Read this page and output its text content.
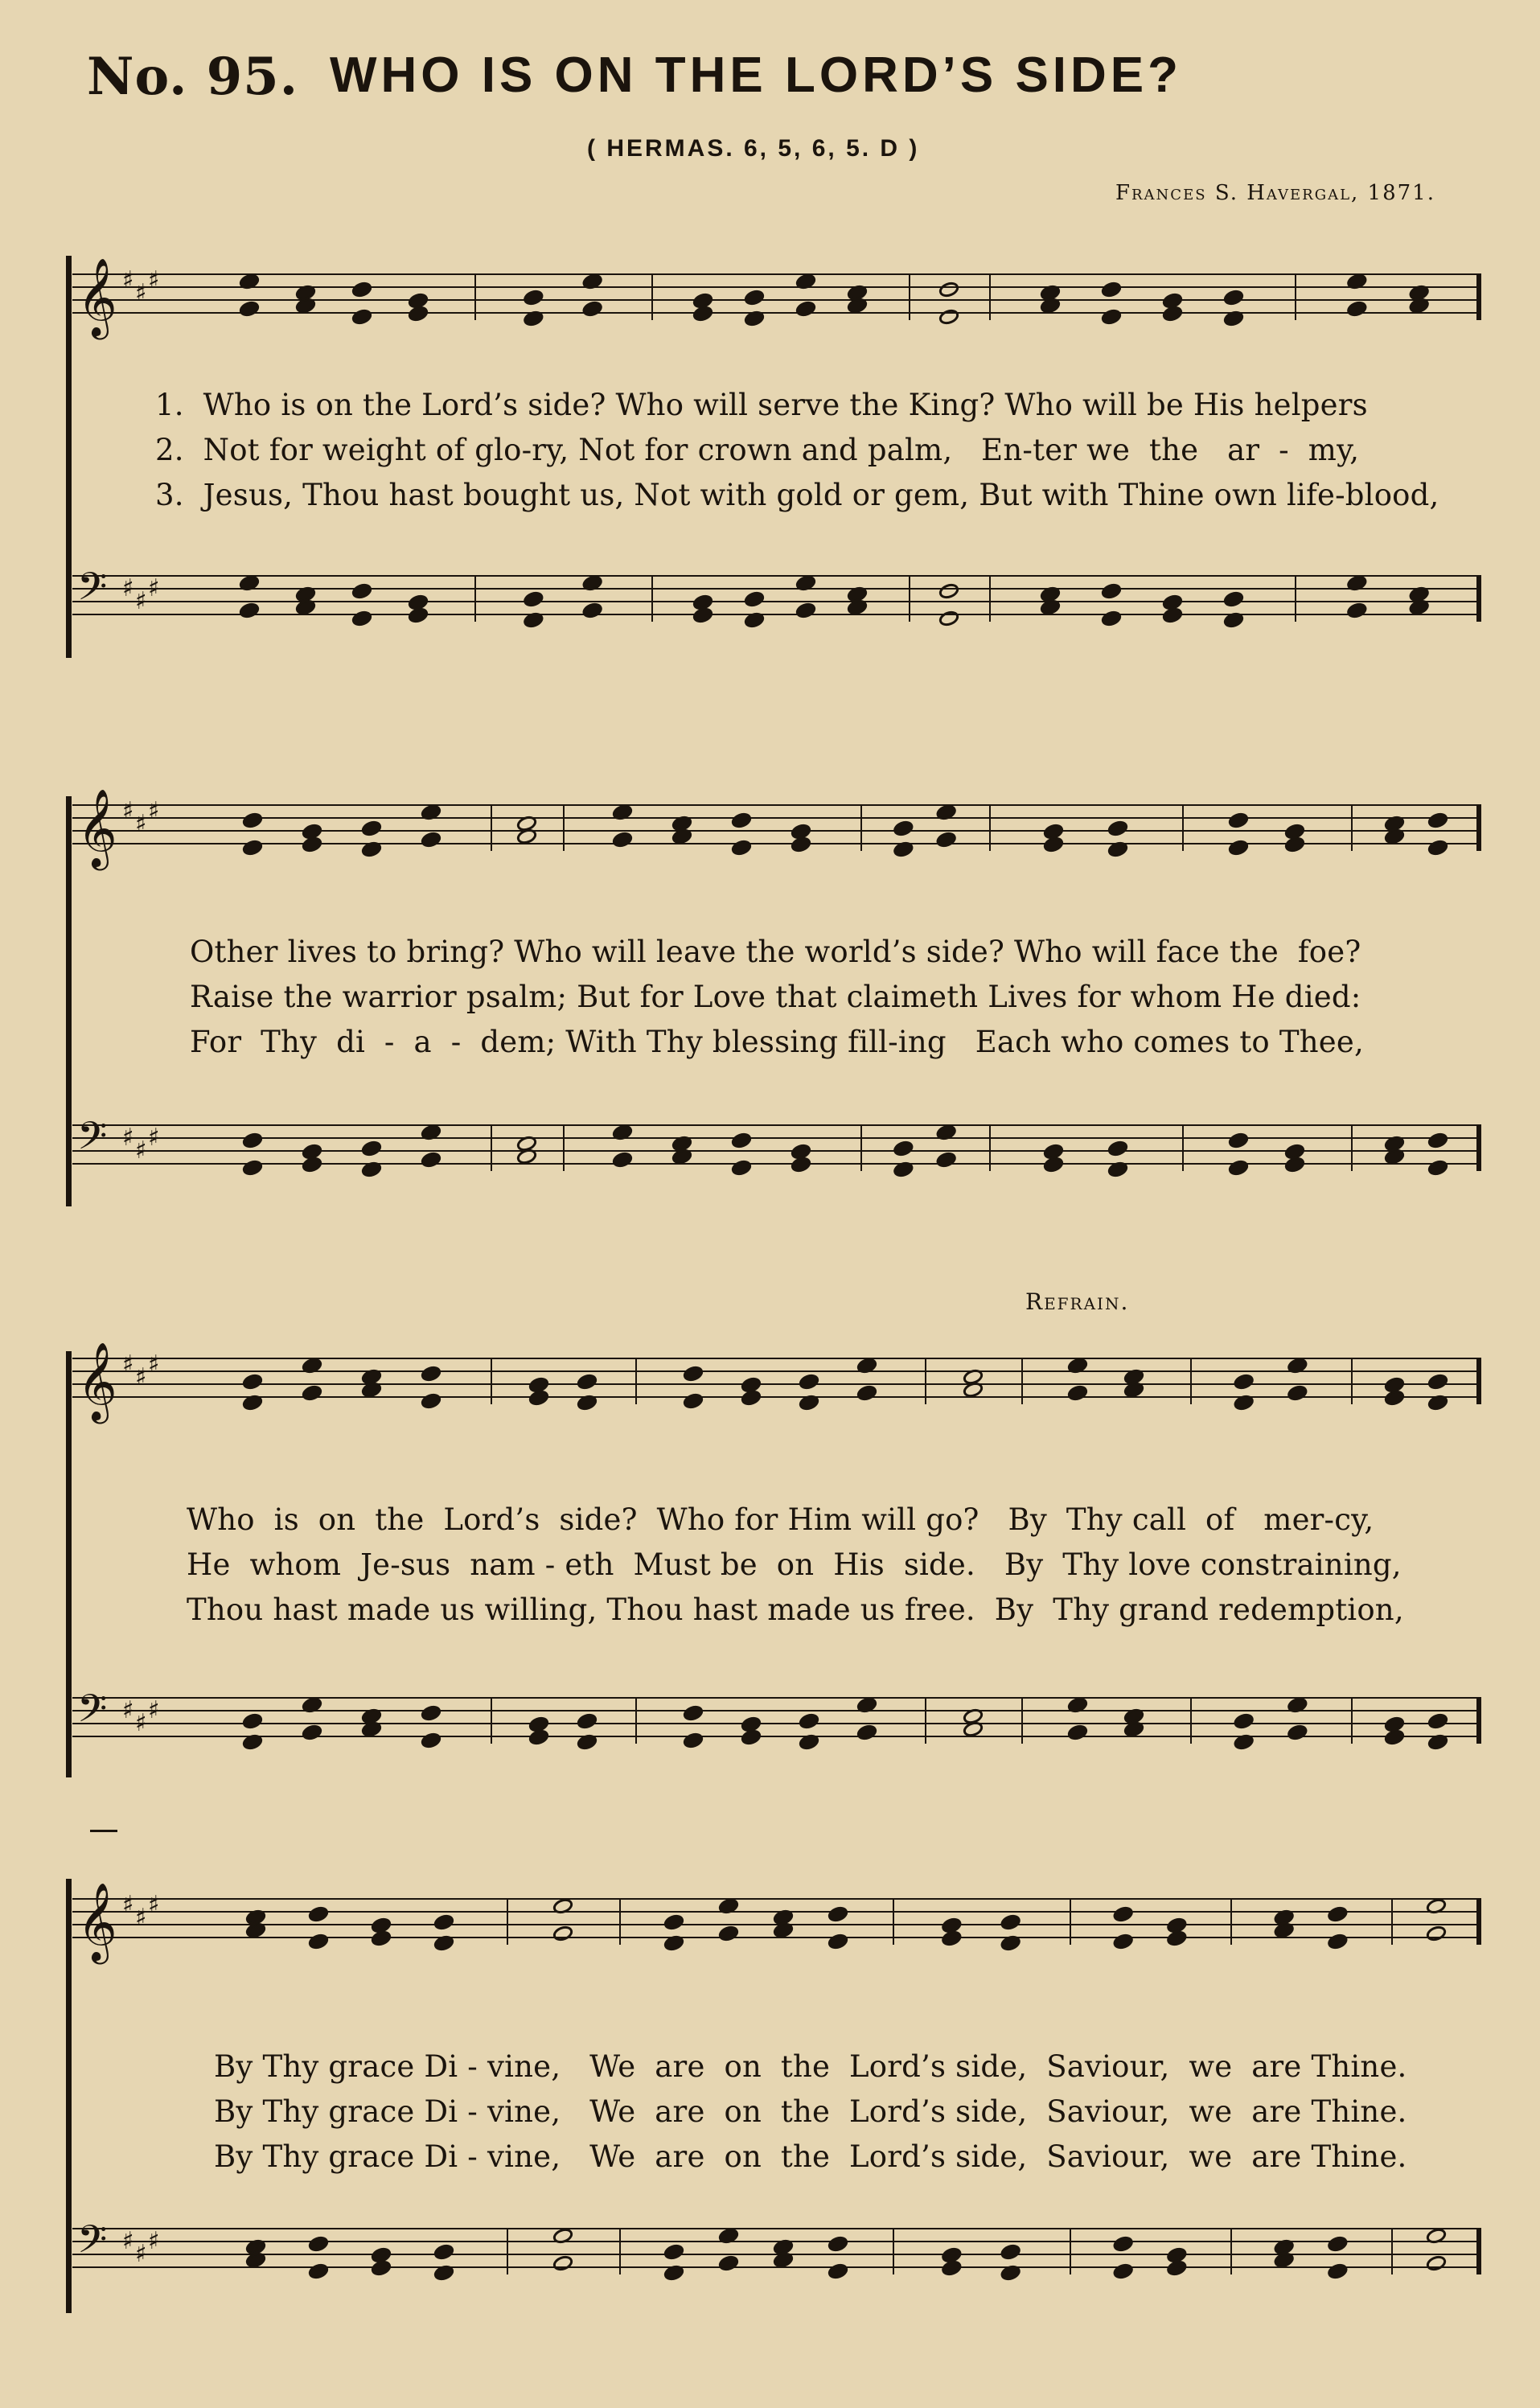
No. 95. WHO IS ON THE LORD’S SIDE?
( HERMAS. 6, 5, 6, 5. D )
Frances S. Havergal, 1871.
𝄞 ♯ ♯ ♯
1.  Who is on the Lord’s side? Who will serve the King? Who will be His helpers
2.  Not for weight of glo-ry, Not for crown and palm,   En-ter we  the   ar  -  my,
3.  Jesus, Thou hast bought us, Not with gold or gem, But with Thine own life-blood,
𝄢 ♯ ♯ ♯
𝄞 ♯ ♯ ♯
Other lives to bring? Who will leave the world’s side? Who will face the  foe?
Raise the warrior psalm; But for Love that claimeth Lives for whom He died:
For  Thy  di  -  a  -  dem; With Thy blessing fill-ing   Each who comes to Thee,
𝄢 ♯ ♯ ♯
Refrain.
𝄞 ♯ ♯ ♯
Who  is  on  the  Lord’s  side?  Who for Him will go?   By  Thy call  of   mer-cy,
He  whom  Je-sus  nam - eth  Must be  on  His  side.   By  Thy love constraining,
Thou hast made us willing, Thou hast made us free.  By  Thy grand redemption,
𝄢 ♯ ♯ ♯
𝄞 ♯ ♯ ♯
By Thy grace Di - vine,   We  are  on  the  Lord’s side,  Saviour,  we  are Thine.
By Thy grace Di - vine,   We  are  on  the  Lord’s side,  Saviour,  we  are Thine.
By Thy grace Di - vine,   We  are  on  the  Lord’s side,  Saviour,  we  are Thine.
𝄢 ♯ ♯ ♯
